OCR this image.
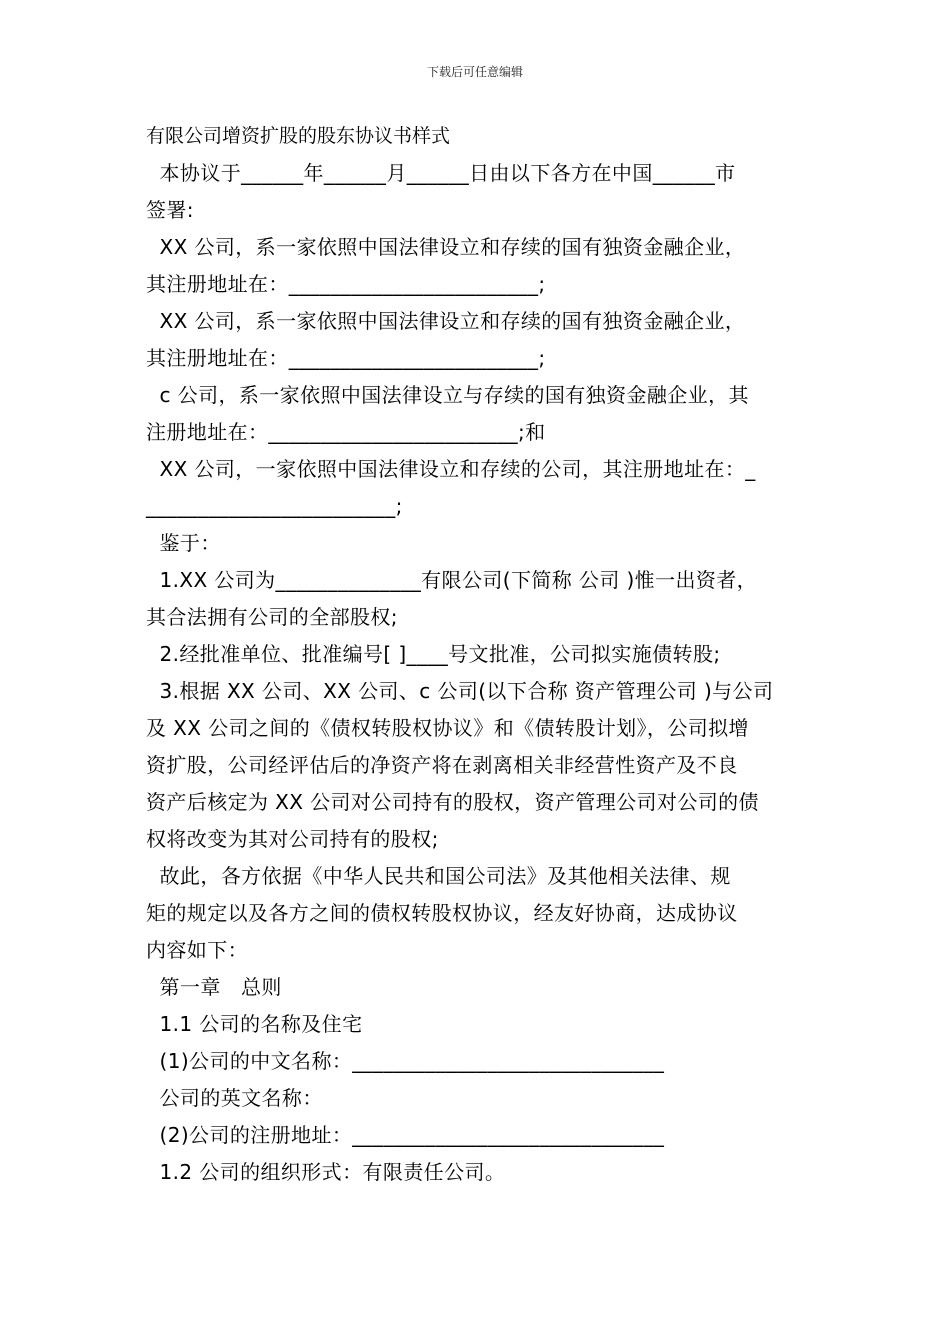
下载后可任意编辑
有限公司增资扩股的股东协议书样式
本协议于______年______月______日由以下各方在中国______市
签署:
XX 公司，系一家依照中国法律设立和存续的国有独资金融企业，
其注册地址在：________________________;
XX 公司，系一家依照中国法律设立和存续的国有独资金融企业，
其注册地址在：________________________;
c 公司，系一家依照中国法律设立与存续的国有独资金融企业，其
注册地址在：________________________;和
XX 公司，一家依照中国法律设立和存续的公司，其注册地址在：_
________________________;
鉴于：
1.XX 公司为______________有限公司(下简称 公司 )惟一出资者，
其合法拥有公司的全部股权;
2.经批准单位、批准编号[ ]____号文批准，公司拟实施债转股;
3.根据 XX 公司、XX 公司、c 公司(以下合称 资产管理公司 )与公司
及 XX 公司之间的《债权转股权协议》和《债转股计划》，公司拟增
资扩股，公司经评估后的净资产将在剥离相关非经营性资产及不良
资产后核定为 XX 公司对公司持有的股权，资产管理公司对公司的债
权将改变为其对公司持有的股权;
故此，各方依据《中华人民共和国公司法》及其他相关法律、规
矩的规定以及各方之间的债权转股权协议，经友好协商，达成协议
内容如下：
第一章   总则
1.1 公司的名称及住宅
(1)公司的中文名称：______________________________
公司的英文名称：
(2)公司的注册地址：______________________________
1.2 公司的组织形式：有限责任公司。
